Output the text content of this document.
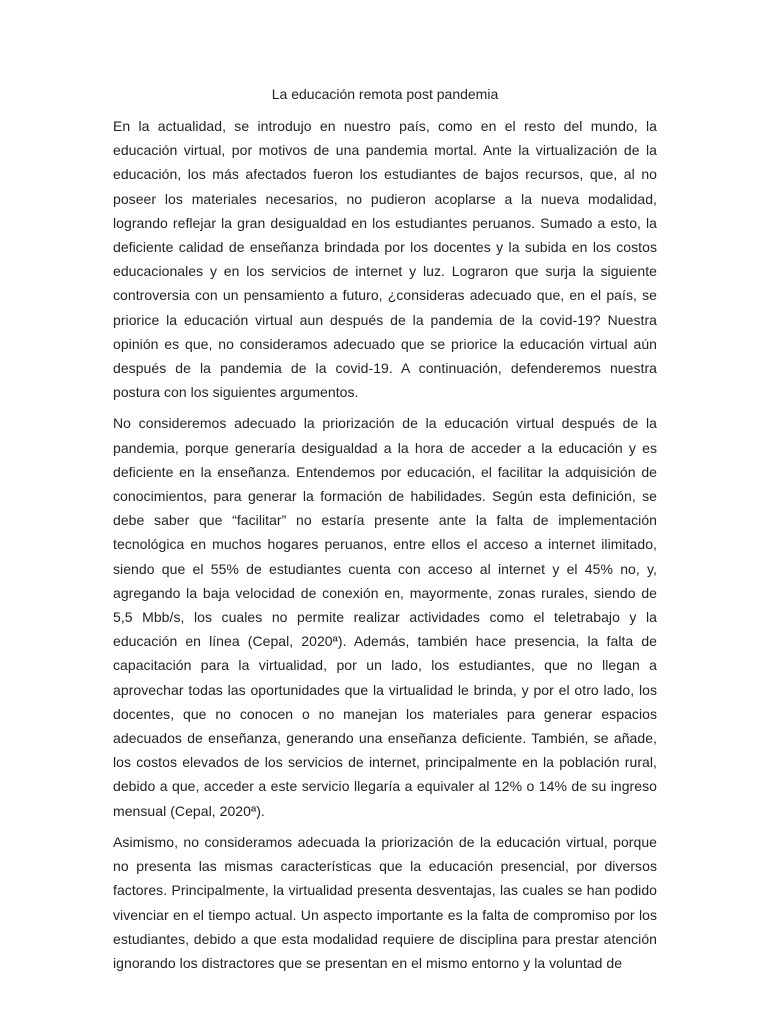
La educación remota post pandemia

En la actualidad, se introdujo en nuestro país, como en el resto del mundo, la educación virtual, por motivos de una pandemia mortal. Ante la virtualización de la educación, los más afectados fueron los estudiantes de bajos recursos, que, al no poseer los materiales necesarios, no pudieron acoplarse a la nueva modalidad, logrando reflejar la gran desigualdad en los estudiantes peruanos. Sumado a esto, la deficiente calidad de enseñanza brindada por los docentes y la subida en los costos educacionales y en los servicios de internet y luz. Lograron que surja la siguiente controversia con un pensamiento a futuro, ¿consideras adecuado que, en el país, se priorice la educación virtual aun después de la pandemia de la covid-19? Nuestra opinión es que, no consideramos adecuado que se priorice la educación virtual aún después de la pandemia de la covid-19. A continuación, defenderemos nuestra postura con los siguientes argumentos.

No consideremos adecuado la priorización de la educación virtual después de la pandemia, porque generaría desigualdad a la hora de acceder a la educación y es deficiente en la enseñanza. Entendemos por educación, el facilitar la adquisición de conocimientos, para generar la formación de habilidades. Según esta definición, se debe saber que “facilitar” no estaría presente ante la falta de implementación tecnológica en muchos hogares peruanos, entre ellos el acceso a internet ilimitado, siendo que el 55% de estudiantes cuenta con acceso al internet y el 45% no, y, agregando la baja velocidad de conexión en, mayormente, zonas rurales, siendo de 5,5 Mbb/s, los cuales no permite realizar actividades como el teletrabajo y la educación en línea (Cepal, 2020ª). Además, también hace presencia, la falta de capacitación para la virtualidad, por un lado, los estudiantes, que no llegan a aprovechar todas las oportunidades que la virtualidad le brinda, y por el otro lado, los docentes, que no conocen o no manejan los materiales para generar espacios adecuados de enseñanza, generando una enseñanza deficiente. También, se añade, los costos elevados de los servicios de internet, principalmente en la población rural, debido a que, acceder a este servicio llegaría a equivaler al 12% o 14% de su ingreso mensual (Cepal, 2020ª).

Asimismo, no consideramos adecuada la priorización de la educación virtual, porque no presenta las mismas características que la educación presencial, por diversos factores. Principalmente, la virtualidad presenta desventajas, las cuales se han podido vivenciar en el tiempo actual. Un aspecto importante es la falta de compromiso por los estudiantes, debido a que esta modalidad requiere de disciplina para prestar atención ignorando los distractores que se presentan en el mismo entorno y la voluntad de
